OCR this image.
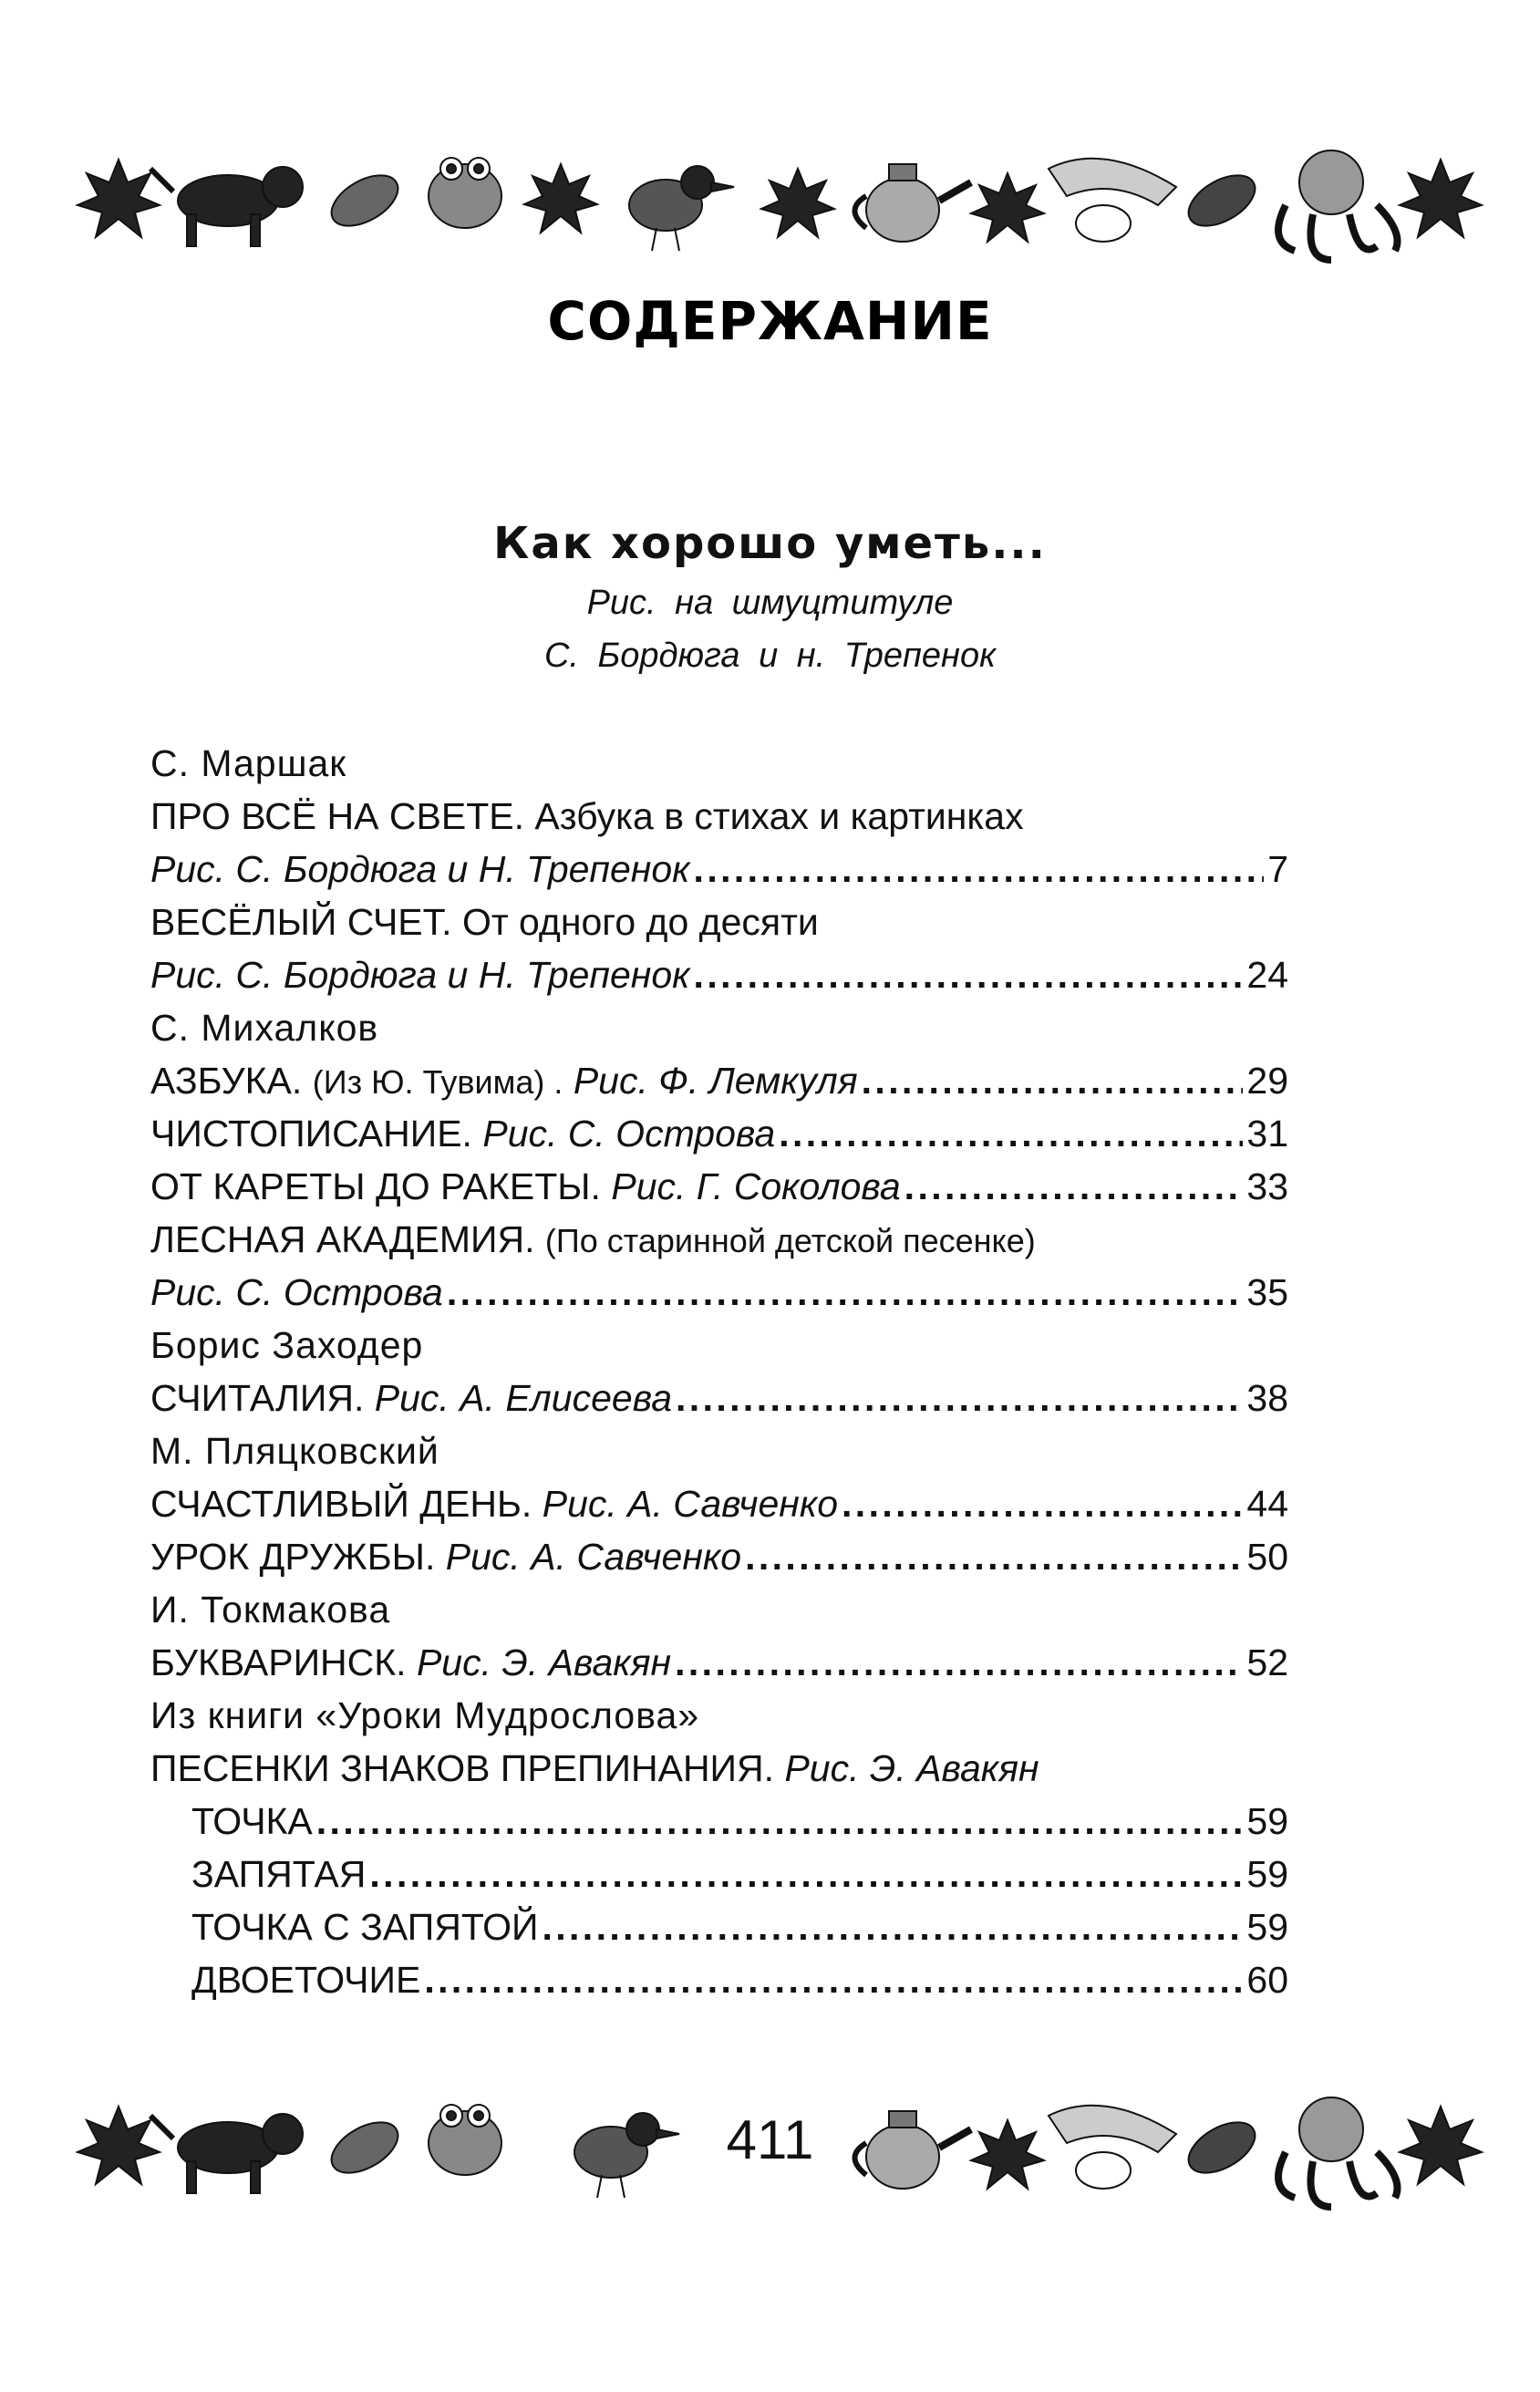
СОДЕРЖАНИЕ
Как хорошо уметь...
Рис. на шмуцтитуле
С. Бордюга и н. Трепенок
С. Маршак
ПРО ВСЁ НА СВЕТЕ.
Азбука в стихах и картинках
Рис. С. Бордюга и Н. Трепенок . . .	7
ВЕСЁЛЫЙ СЧЕТ.
От одного до десяти
Рис. С. Бордюга и Н. Трепенок . . .	24
С. Михалков
АЗБУКА.
(Из Ю. Тувима) .
Рис. Ф. Лемкуля . . .	29
ЧИСТОПИСАНИЕ.
Рис. С. Острова . . .	31
ОТ КАРЕТЫ ДО РАКЕТЫ.
Рис. Г. Соколова . . .	33
ЛЕСНАЯ АКАДЕМИЯ.
(По старинной детской песенке)
Рис. С. Острова . . .	35
Борис Заходер
СЧИТАЛИЯ.
Рис. А. Елисеева . . .	38
М. Пляцковский
СЧАСТЛИВЫЙ ДЕНЬ.
Рис. А. Савченко . . .	44
УРОК ДРУЖБЫ.
Рис. А. Савченко . . .	50
И. Токмакова
БУКВАРИНСК.
Рис. Э. Авакян . . .	52
Из книги «Уроки Мудрослова»
ПЕСЕНКИ ЗНАКОВ ПРЕПИНАНИЯ.
Рис. Э. Авакян
ТОЧКА . . .	59
ЗАПЯТАЯ . . .	59
ТОЧКА С ЗАПЯТОЙ . . .	59
ДВОЕТОЧИЕ . . .	60
411
